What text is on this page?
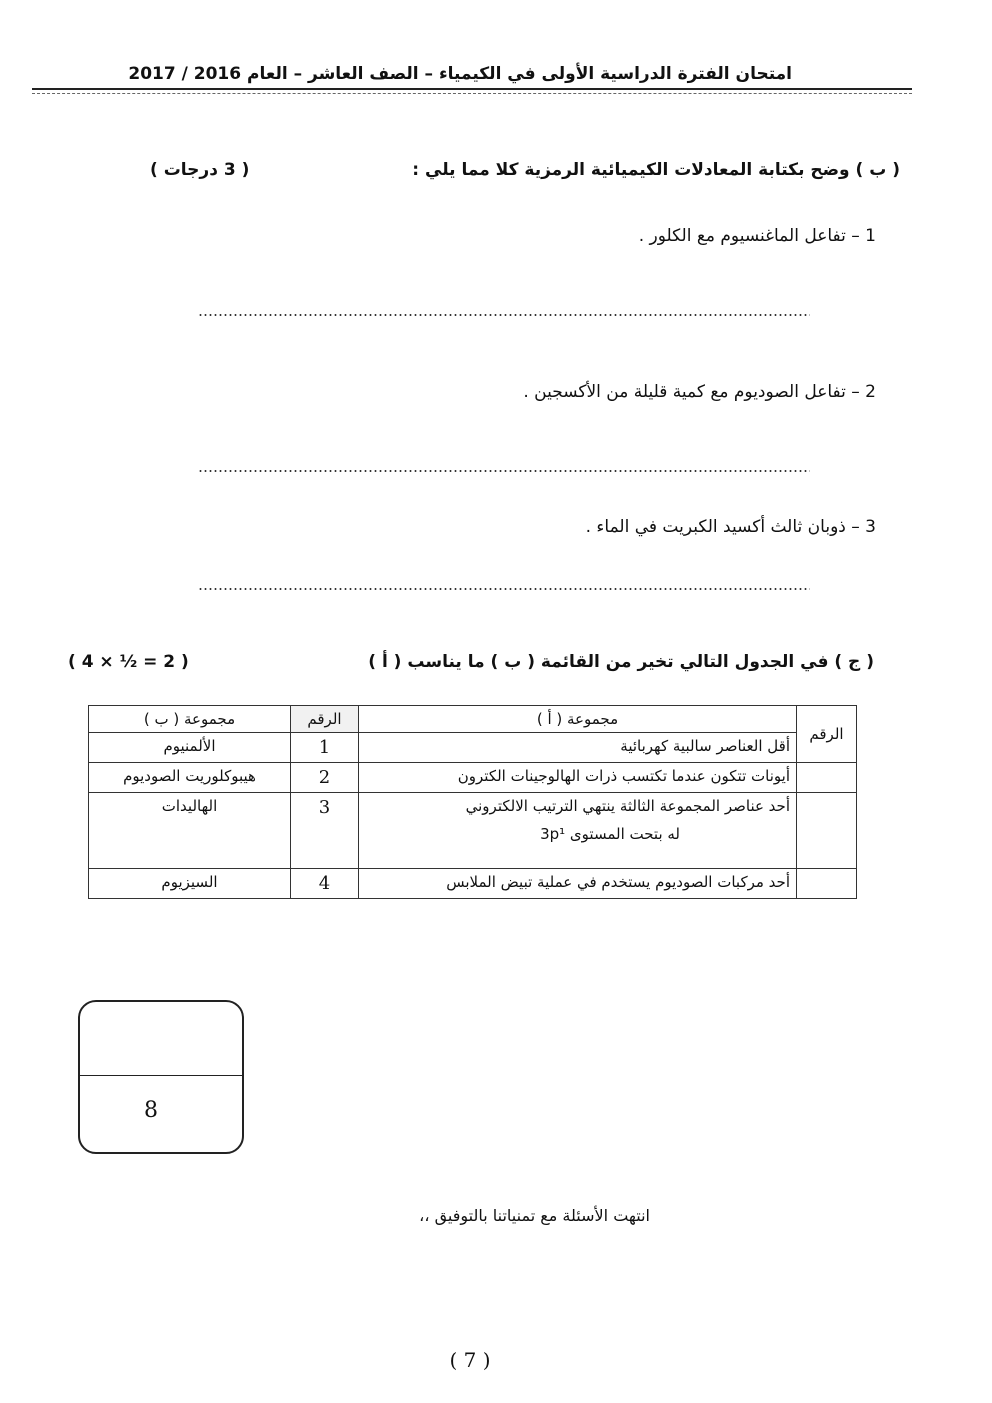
امتحان الفترة الدراسية الأولى في الكيمياء – الصف العاشر – العام 2016 / 2017
( ب ) وضح بكتابة المعادلات الكيميائية الرمزية كلا مما يلي :
( 3 درجات )
1 – تفاعل الماغنسيوم مع الكلور .
2 – تفاعل الصوديوم مع كمية قليلة من الأكسجين .
3 – ذوبان ثالث أكسيد الكبريت في الماء .
( ج ) في الجدول التالي تخير من القائمة ( ب ) ما يناسب ( أ )
( 4 × ½ = 2 )
مجموعة ( ب )	الرقم	مجموعة ( أ )	الرقم
الألمنيوم	1	أقل العناصر سالبية كهربائية	
هيبوكلوريت الصوديوم	2	أيونات تتكون عندما تكتسب ذرات الهالوجينات الكترون	
الهاليدات	3	أحد عناصر المجموعة الثالثة ينتهي الترتيب الالكتروني
له بتحت المستوى 3p¹	

السيزيوم	4	أحد مركبات الصوديوم يستخدم في عملية تبيض الملابس	
8
انتهت الأسئلة مع تمنياتنا بالتوفيق ،،
( 7 )
